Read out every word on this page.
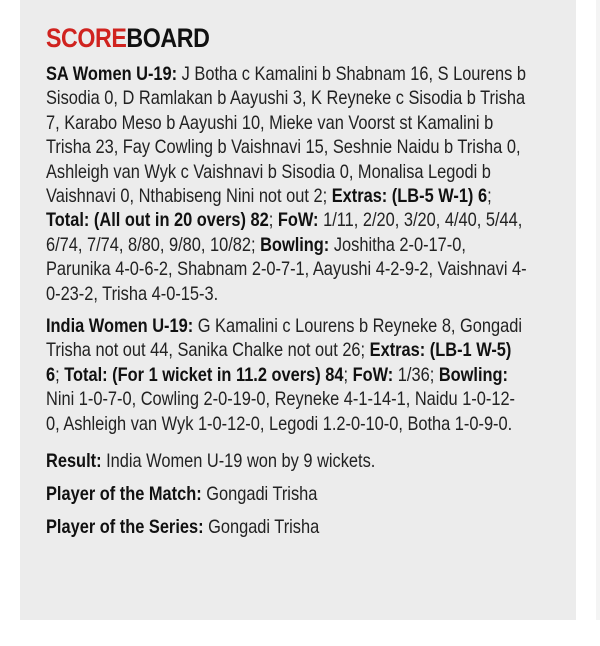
SCOREBOARD

SA Women U-19: J Botha c Kamalini b Shabnam 16, S Lourens b Sisodia 0, D Ramlakan b Aayushi 3, K Reyneke c Sisodia b Trisha 7, Karabo Meso b Aayushi 10, Mieke van Voorst st Kamalini b Trisha 23, Fay Cowling b Vaishnavi 15, Seshnie Naidu b Trisha 0, Ashleigh van Wyk c Vaishnavi b Sisodia 0, Monalisa Legodi b Vaishnavi 0, Nthabiseng Nini not out 2; Extras: (LB-5 W-1) 6; Total: (All out in 20 overs) 82; FoW: 1/11, 2/20, 3/20, 4/40, 5/44, 6/74, 7/74, 8/80, 9/80, 10/82; Bowling: Joshitha 2-0-17-0, Parunika 4-0-6-2, Shabnam 2-0-7-1, Aayushi 4-2-9-2, Vaishnavi 4-0-23-2, Trisha 4-0-15-3.

India Women U-19: G Kamalini c Lourens b Reyneke 8, Gongadi Trisha not out 44, Sanika Chalke not out 26; Extras: (LB-1 W-5) 6; Total: (For 1 wicket in 11.2 overs) 84; FoW: 1/36; Bowling: Nini 1-0-7-0, Cowling 2-0-19-0, Reyneke 4-1-14-1, Naidu 1-0-12-0, Ashleigh van Wyk 1-0-12-0, Legodi 1.2-0-10-0, Botha 1-0-9-0.

Result: India Women U-19 won by 9 wickets.

Player of the Match: Gongadi Trisha

Player of the Series: Gongadi Trisha
